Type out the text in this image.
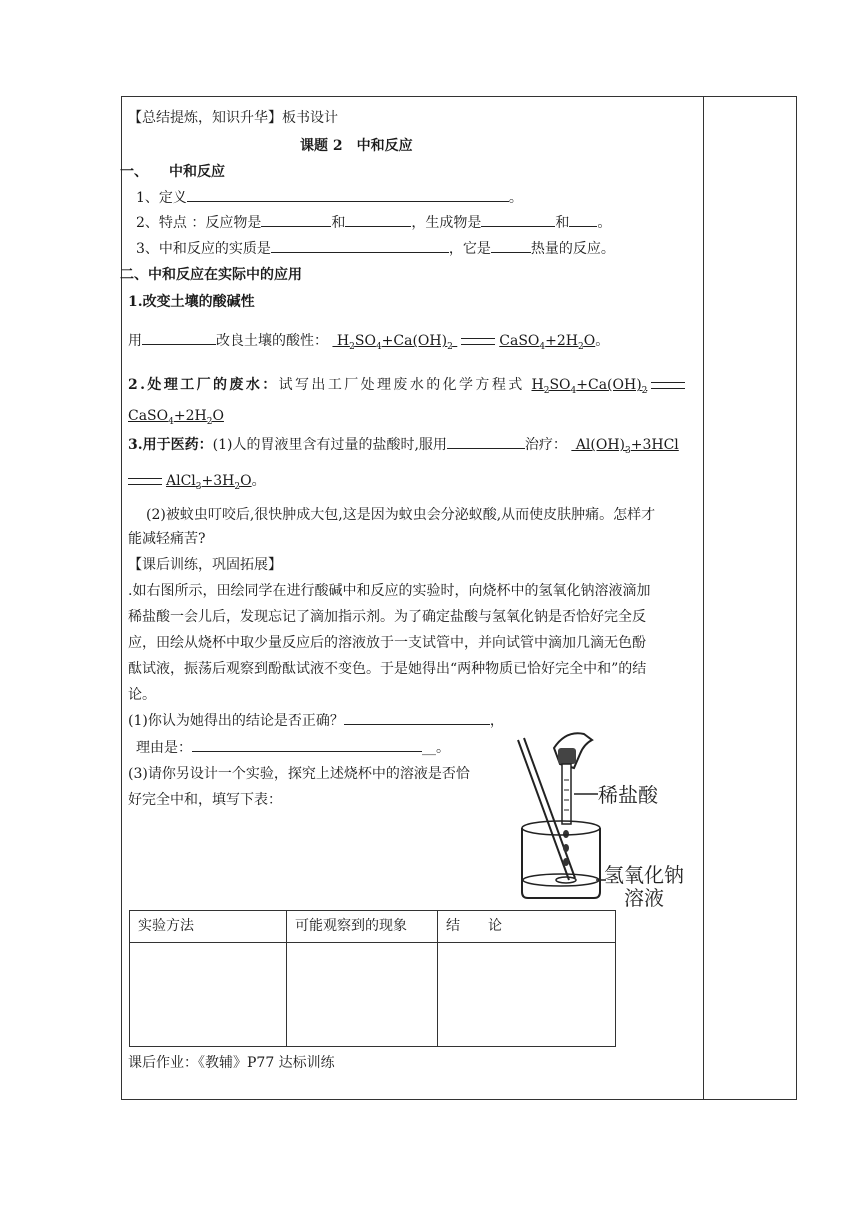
【总结提炼，知识升华】板书设计
课题 2　中和反应
一、　　中和反应
1、定义	。
2、特点 ：反应物是	和	，生成物是	和 。
3、中和反应的实质是	，它是	热量的反应。
二、中和反应在实际中的应用
1.改变土壤的酸碱性
用	改良土壤的酸性：  $H_2SO_4+Ca(OH)_2$	$CaSO_4+2H_2O$。
2.处理工厂的废水：试写出工厂处理废水的化学方程式 $H_2SO_4+Ca(OH)_2$
$CaSO_4+2H_2O$
3.用于医药：(1)人的胃液里含有过量的盐酸时,服用	治疗：  $Al(OH)_3+3HCl$
$AlCl_3+3H_2O$。
(2)被蚊虫叮咬后,很快肿成大包,这是因为蚊虫会分泌蚁酸,从而使皮肤肿痛。怎样才
能减轻痛苦?
【课后训练，巩固拓展】
.如右图所示，田绘同学在进行酸碱中和反应的实验时，向烧杯中的氢氧化钠溶液滴加
稀盐酸一会儿后，发现忘记了滴加指示剂。为了确定盐酸与氢氧化钠是否恰好完全反
应，田绘从烧杯中取少量反应后的溶液放于一支试管中，并向试管中滴加几滴无色酚
酞试液，振荡后观察到酚酞试液不变色。于是她得出“两种物质已恰好完全中和”的结
论。
(1)你认为她得出的结论是否正确？	，
理由是：	__。
(3)请你另设计一个实验，探究上述烧杯中的溶液是否恰
好完全中和，填写下表：	稀盐酸
氢氧化钠
溶液
实验方法	可能观察到的现象	结　　论

课后作业：《教辅》P77 达标训练
